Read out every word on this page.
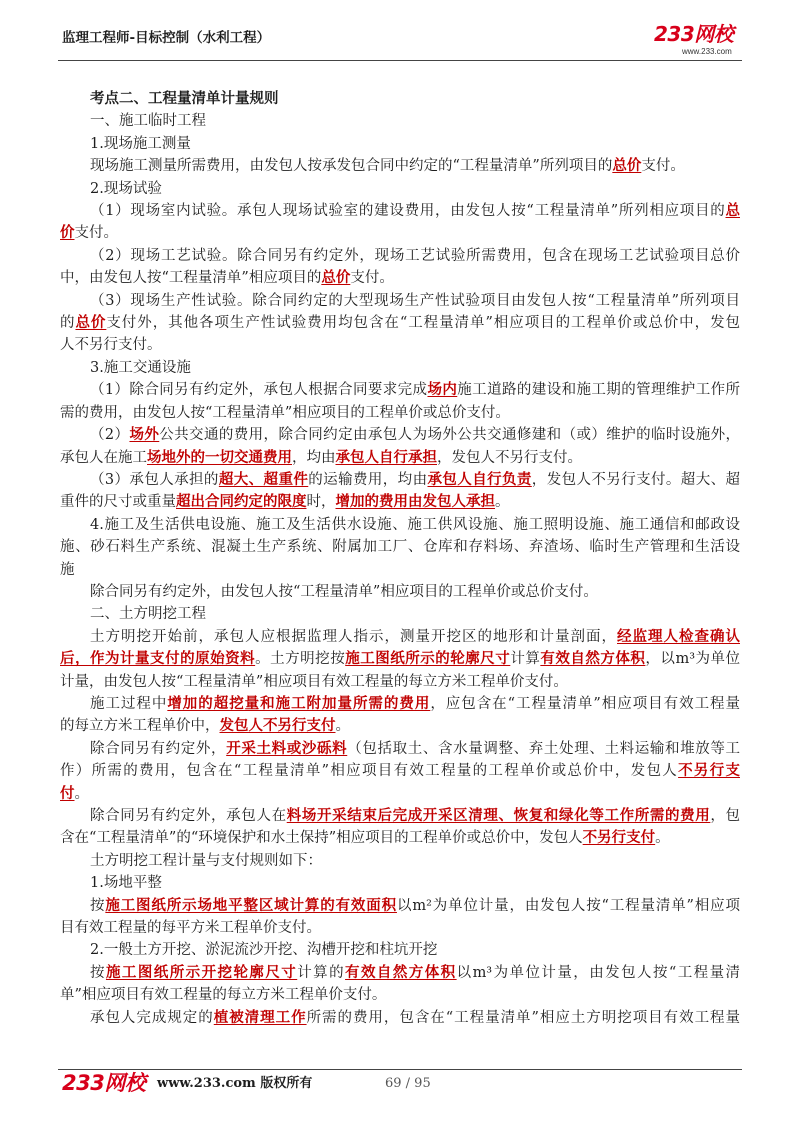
监理工程师-目标控制（水利工程）	233网校
www.233.com
考点二、工程量清单计量规则
一、施工临时工程
1.现场施工测量
现场施工测量所需费用，由发包人按承发包合同中约定的“工程量清单”所列项目的总价支付。
2.现场试验
（1）现场室内试验。承包人现场试验室的建设费用，由发包人按“工程量清单”所列相应项目的总
价支付。
（2）现场工艺试验。除合同另有约定外，现场工艺试验所需费用，包含在现场工艺试验项目总价
中，由发包人按“工程量清单”相应项目的总价支付。
（3）现场生产性试验。除合同约定的大型现场生产性试验项目由发包人按“工程量清单”所列项目
的总价支付外，其他各项生产性试验费用均包含在“工程量清单”相应项目的工程单价或总价中，发包
人不另行支付。
3.施工交通设施
（1）除合同另有约定外，承包人根据合同要求完成场内施工道路的建设和施工期的管理维护工作所
需的费用，由发包人按“工程量清单”相应项目的工程单价或总价支付。
（2）场外公共交通的费用，除合同约定由承包人为场外公共交通修建和（或）维护的临时设施外，
承包人在施工场地外的一切交通费用，均由承包人自行承担，发包人不另行支付。
（3）承包人承担的超大、超重件的运输费用，均由承包人自行负责，发包人不另行支付。超大、超
重件的尺寸或重量超出合同约定的限度时，增加的费用由发包人承担。
4.施工及生活供电设施、施工及生活供水设施、施工供风设施、施工照明设施、施工通信和邮政设
施、砂石料生产系统、混凝土生产系统、附属加工厂、仓库和存料场、弃渣场、临时生产管理和生活设
施
除合同另有约定外，由发包人按“工程量清单”相应项目的工程单价或总价支付。
二、土方明挖工程
土方明挖开始前，承包人应根据监理人指示，测量开挖区的地形和计量剖面，经监理人检查确认
后，作为计量支付的原始资料。土方明挖按施工图纸所示的轮廓尺寸计算有效自然方体积，以m³为单位
计量，由发包人按“工程量清单”相应项目有效工程量的每立方米工程单价支付。
施工过程中增加的超挖量和施工附加量所需的费用，应包含在“工程量清单”相应项目有效工程量
的每立方米工程单价中，发包人不另行支付。
除合同另有约定外，开采土料或沙砾料（包括取土、含水量调整、弃土处理、土料运输和堆放等工
作）所需的费用，包含在“工程量清单”相应项目有效工程量的工程单价或总价中，发包人不另行支
付。
除合同另有约定外，承包人在料场开采结束后完成开采区清理、恢复和绿化等工作所需的费用，包
含在“工程量清单”的“环境保护和水土保持”相应项目的工程单价或总价中，发包人不另行支付。
土方明挖工程计量与支付规则如下：
1.场地平整
按施工图纸所示场地平整区域计算的有效面积以m²为单位计量，由发包人按“工程量清单”相应项
目有效工程量的每平方米工程单价支付。
2.一般土方开挖、淤泥流沙开挖、沟槽开挖和柱坑开挖
按施工图纸所示开挖轮廓尺寸计算的有效自然方体积以m³为单位计量，由发包人按“工程量清
单”相应项目有效工程量的每立方米工程单价支付。
承包人完成规定的植被清理工作所需的费用，包含在“工程量清单”相应土方明挖项目有效工程量
233网校 www.233.com 版权所有	69 / 95
